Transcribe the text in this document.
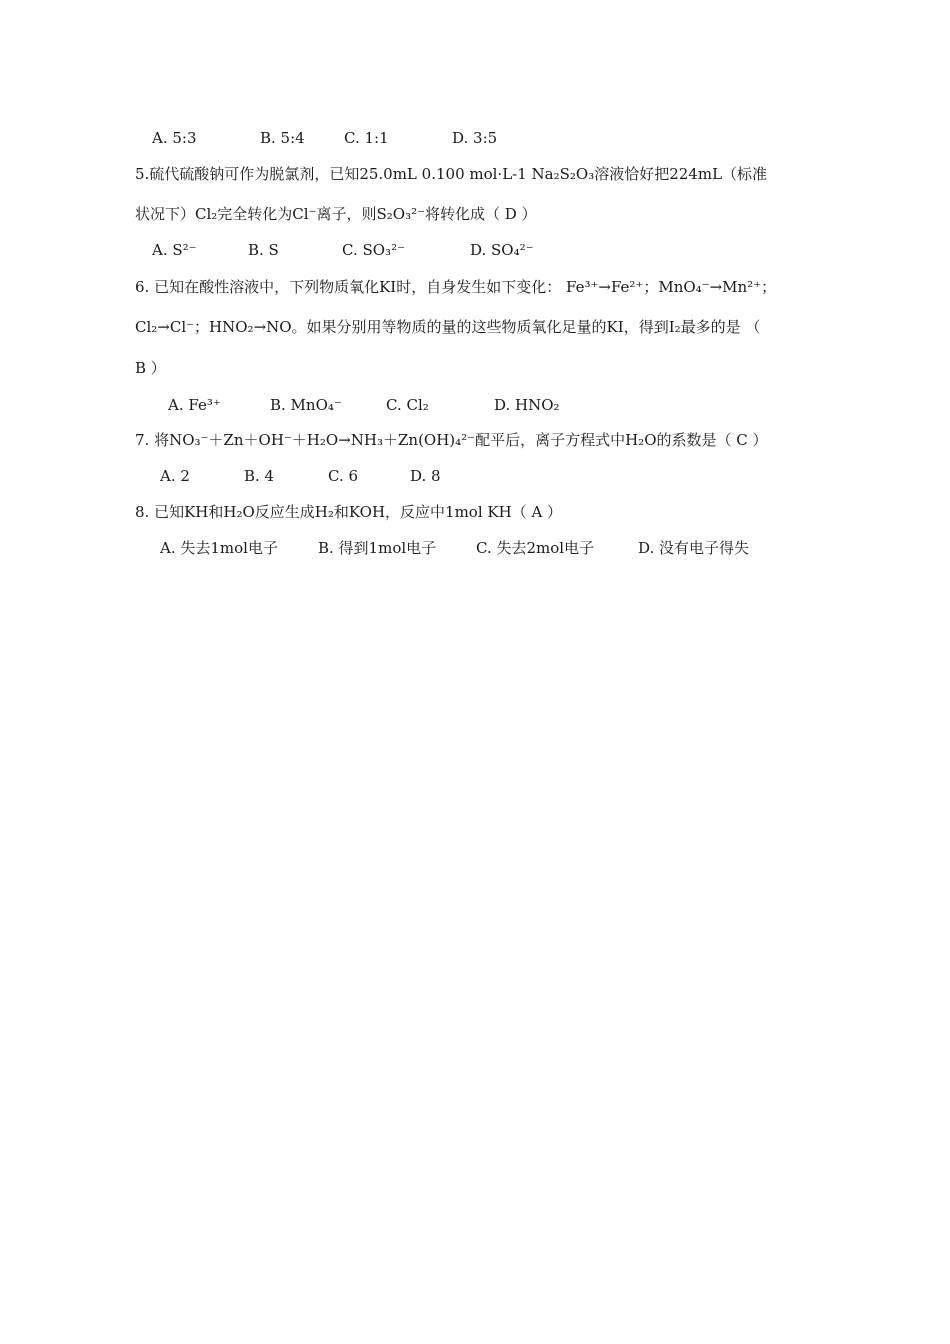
A. 5:3	B. 5:4	C. 1:1	D. 3:5
5.硫代硫酸钠可作为脱氯剂，已知25.0mL 0.100 mol·L-1 Na₂S₂O₃溶液恰好把224mL（标准
状况下）Cl₂完全转化为Cl⁻离子，则S₂O₃²⁻将转化成（ D ）
A. S²⁻	B. S	C. SO₃²⁻	D. SO₄²⁻
6. 已知在酸性溶液中，下列物质氧化KI时，自身发生如下变化： Fe³⁺→Fe²⁺；MnO₄⁻→Mn²⁺；
Cl₂→Cl⁻；HNO₂→NO。如果分别用等物质的量的这些物质氧化足量的KI，得到I₂最多的是 （
B ）
A. Fe³⁺	B. MnO₄⁻	C. Cl₂	D. HNO₂
7. 将NO₃⁻＋Zn＋OH⁻＋H₂O→NH₃＋Zn(OH)₄²⁻配平后，离子方程式中H₂O的系数是（ C ）
A. 2	B. 4	C. 6	D. 8
8. 已知KH和H₂O反应生成H₂和KOH，反应中1mol KH（ A ）
A. 失去1mol电子	B. 得到1mol电子	C. 失去2mol电子	D. 没有电子得失
